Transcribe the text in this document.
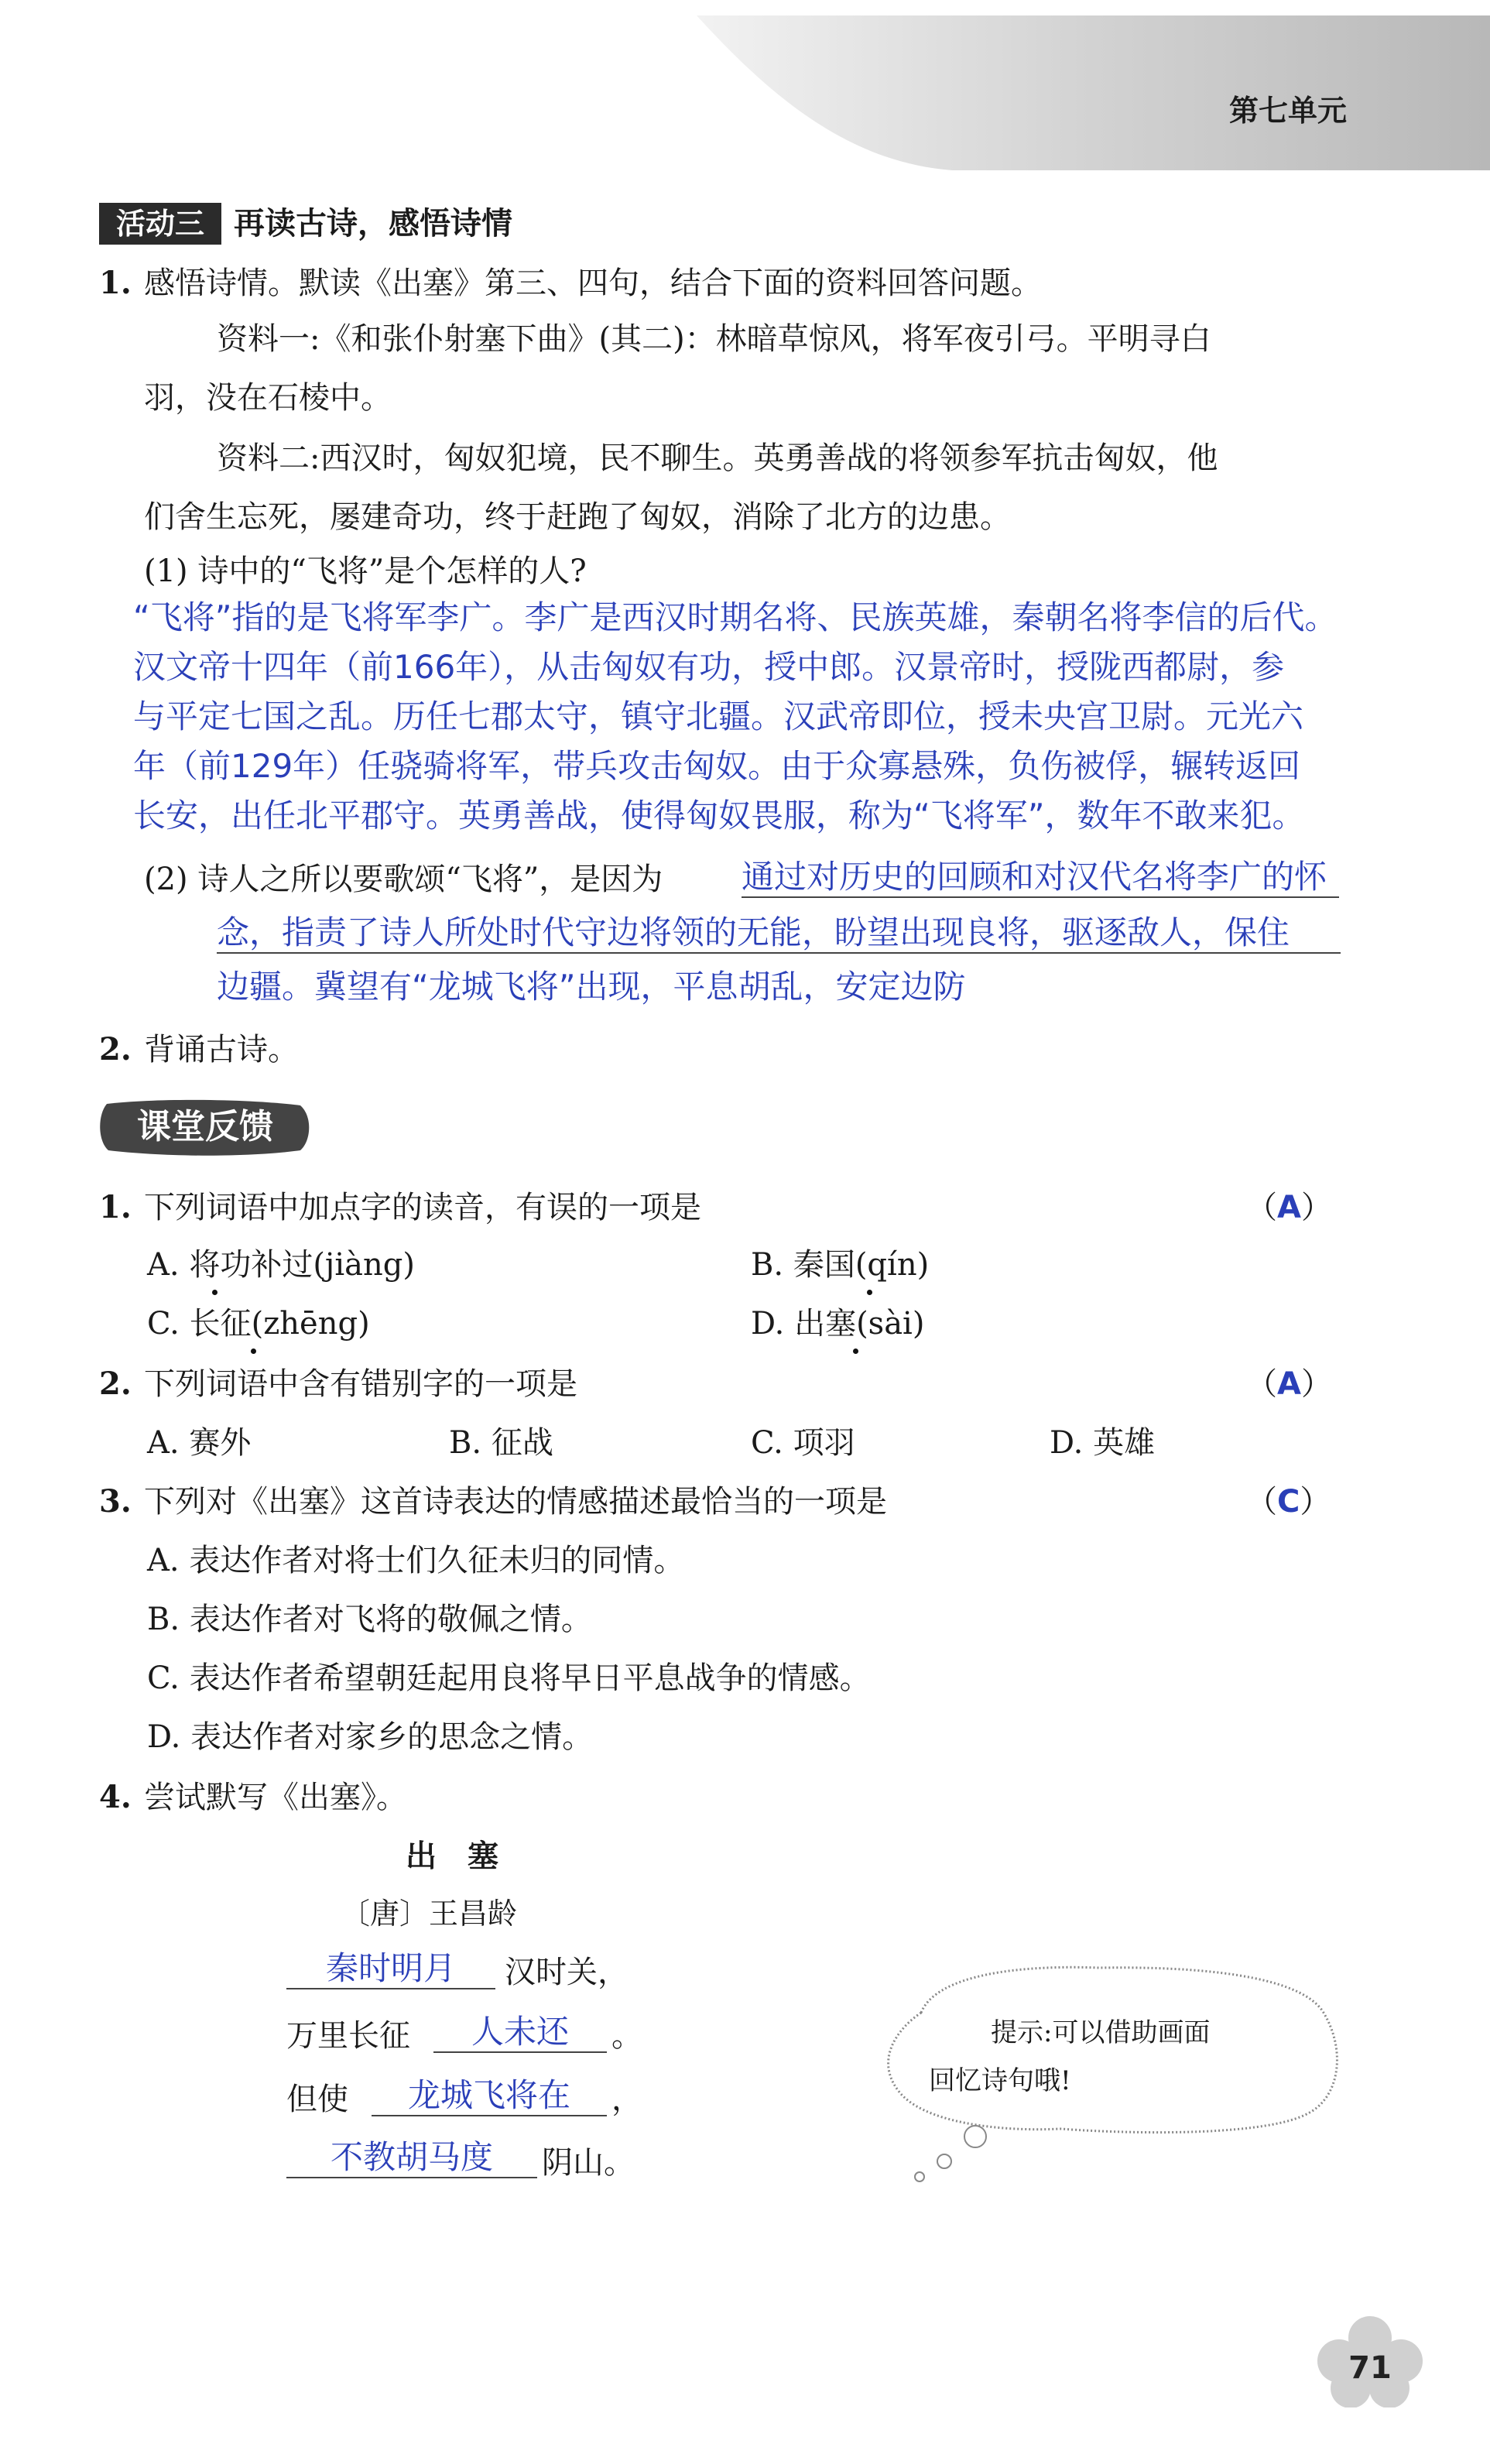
第七单元
活动三 再读古诗，感悟诗情
1. 感悟诗情。默读《出塞》第三、四句，结合下面的资料回答问题。
资料一:《和张仆射塞下曲》(其二)：林暗草惊风，将军夜引弓。平明寻白
羽，没在石棱中。
资料二:西汉时，匈奴犯境，民不聊生。英勇善战的将领参军抗击匈奴，他
们舍生忘死，屡建奇功，终于赶跑了匈奴，消除了北方的边患。
(1) 诗中的“飞将”是个怎样的人?
“飞将”指的是飞将军李广。李广是西汉时期名将、民族英雄，秦朝名将李信的后代。
汉文帝十四年（前166年），从击匈奴有功，授中郎。汉景帝时，授陇西都尉，参
与平定七国之乱。历任七郡太守，镇守北疆。汉武帝即位，授未央宫卫尉。元光六
年（前129年）任骁骑将军，带兵攻击匈奴。由于众寡悬殊，负伤被俘，辗转返回
长安，出任北平郡守。英勇善战，使得匈奴畏服，称为“飞将军”，数年不敢来犯。
(2) 诗人之所以要歌颂“飞将”，是因为 通过对历史的回顾和对汉代名将李广的怀
念，指责了诗人所处时代守边将领的无能，盼望出现良将，驱逐敌人，保住
边疆。冀望有“龙城飞将”出现，平息胡乱，安定边防
2. 背诵古诗。
课堂反馈
1. 下列词语中加点字的读音，有误的一项是	（A）
A. 将功补过(jiàng)	B. 秦国(qín)
C. 长征(zhēng)	D. 出塞(sài)
2. 下列词语中含有错别字的一项是	（A）
A. 赛外	B. 征战	C. 项羽	D. 英雄
3. 下列对《出塞》这首诗表达的情感描述最恰当的一项是	（C）
A. 表达作者对将士们久征未归的同情。
B. 表达作者对飞将的敬佩之情。
C. 表达作者希望朝廷起用良将早日平息战争的情感。
D. 表达作者对家乡的思念之情。
4. 尝试默写《出塞》。
出　塞
〔唐〕王昌龄
秦时明月	汉时关，
万里长征	人未还	。
但使	龙城飞将在	，
不教胡马度	阴山。
提示:可以借助画面
回忆诗句哦!
71
